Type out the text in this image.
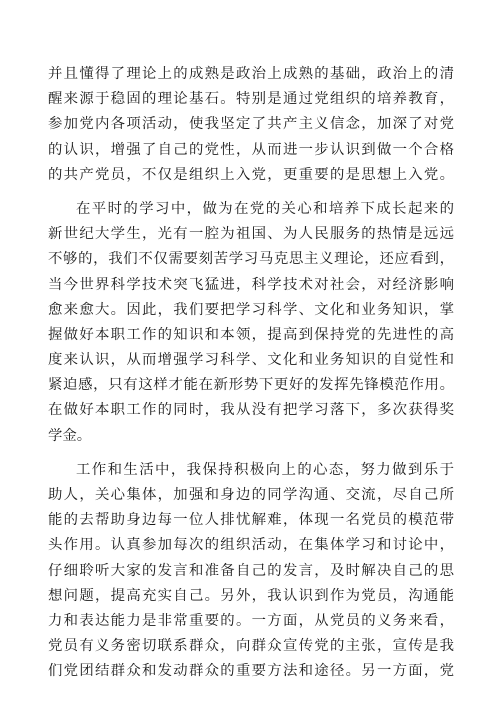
并且懂得了理论上的成熟是政治上成熟的基础，政治上的清
醒来源于稳固的理论基石。特别是通过党组织的培养教育，
参加党内各项活动，使我坚定了共产主义信念，加深了对党
的认识，增强了自己的党性，从而进一步认识到做一个合格
的共产党员，不仅是组织上入党，更重要的是思想上入党。
在平时的学习中，做为在党的关心和培养下成长起来的
新世纪大学生，光有一腔为祖国、为人民服务的热情是远远
不够的，我们不仅需要刻苦学习马克思主义理论，还应看到，
当今世界科学技术突飞猛进，科学技术对社会，对经济影响
愈来愈大。因此，我们要把学习科学、文化和业务知识，掌
握做好本职工作的知识和本领，提高到保持党的先进性的高
度来认识，从而增强学习科学、文化和业务知识的自觉性和
紧迫感，只有这样才能在新形势下更好的发挥先锋模范作用。
在做好本职工作的同时，我从没有把学习落下，多次获得奖
学金。
工作和生活中，我保持积极向上的心态，努力做到乐于
助人，关心集体，加强和身边的同学沟通、交流，尽自己所
能的去帮助身边每一位人排忧解难，体现一名党员的模范带
头作用。认真参加每次的组织活动，在集体学习和讨论中，
仔细聆听大家的发言和准备自己的发言，及时解决自己的思
想问题，提高充实自己。另外，我认识到作为党员，沟通能
力和表达能力是非常重要的。一方面，从党员的义务来看，
党员有义务密切联系群众，向群众宣传党的主张，宣传是我
们党团结群众和发动群众的重要方法和途径。另一方面，党
